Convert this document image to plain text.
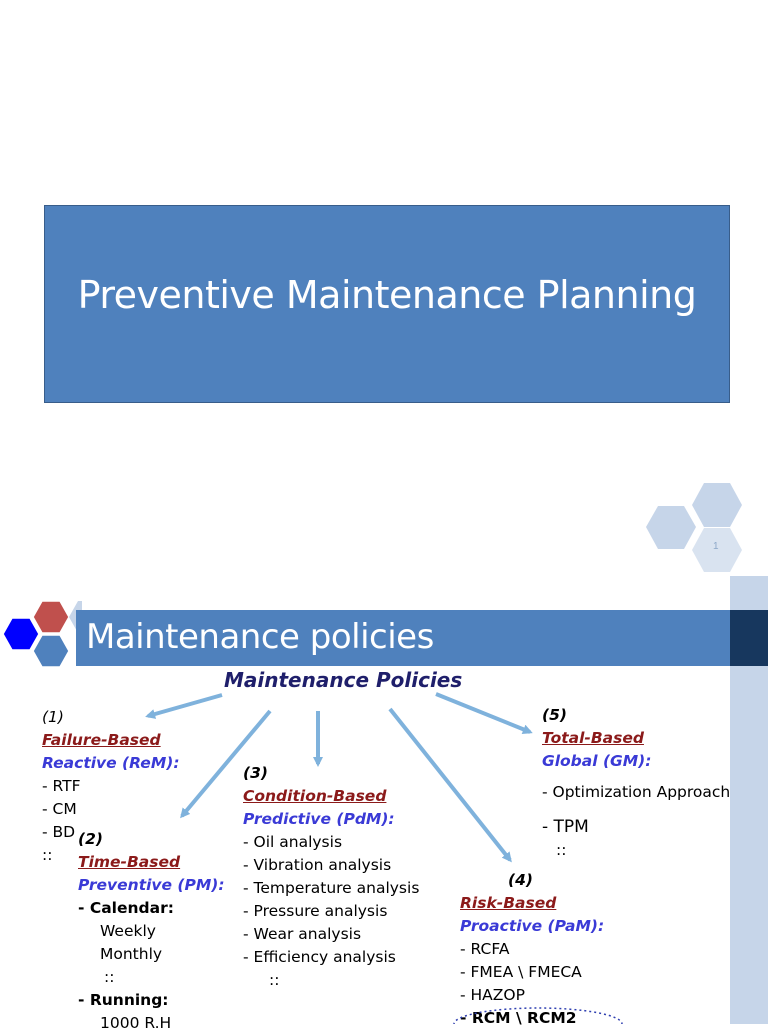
Preventive Maintenance Planning
1
Maintenance policies
Maintenance Policies
(1)
Failure-Based
Reactive (ReM):
- RTF
- CM
- BD
::
(2)
Time-Based
Preventive (PM):
- Calendar:
Weekly
Monthly
::
- Running:
1000 R.H
(3)
Condition-Based
Predictive (PdM):
- Oil analysis
- Vibration analysis
- Temperature analysis
- Pressure analysis
- Wear analysis
- Efficiency analysis
::
(4)
Risk-Based
Proactive (PaM):
- RCFA
- FMEA \ FMECA
- HAZOP
- RCM \ RCM2
(5)
Total-Based
Global (GM):
- Optimization Approach
- TPM
::
